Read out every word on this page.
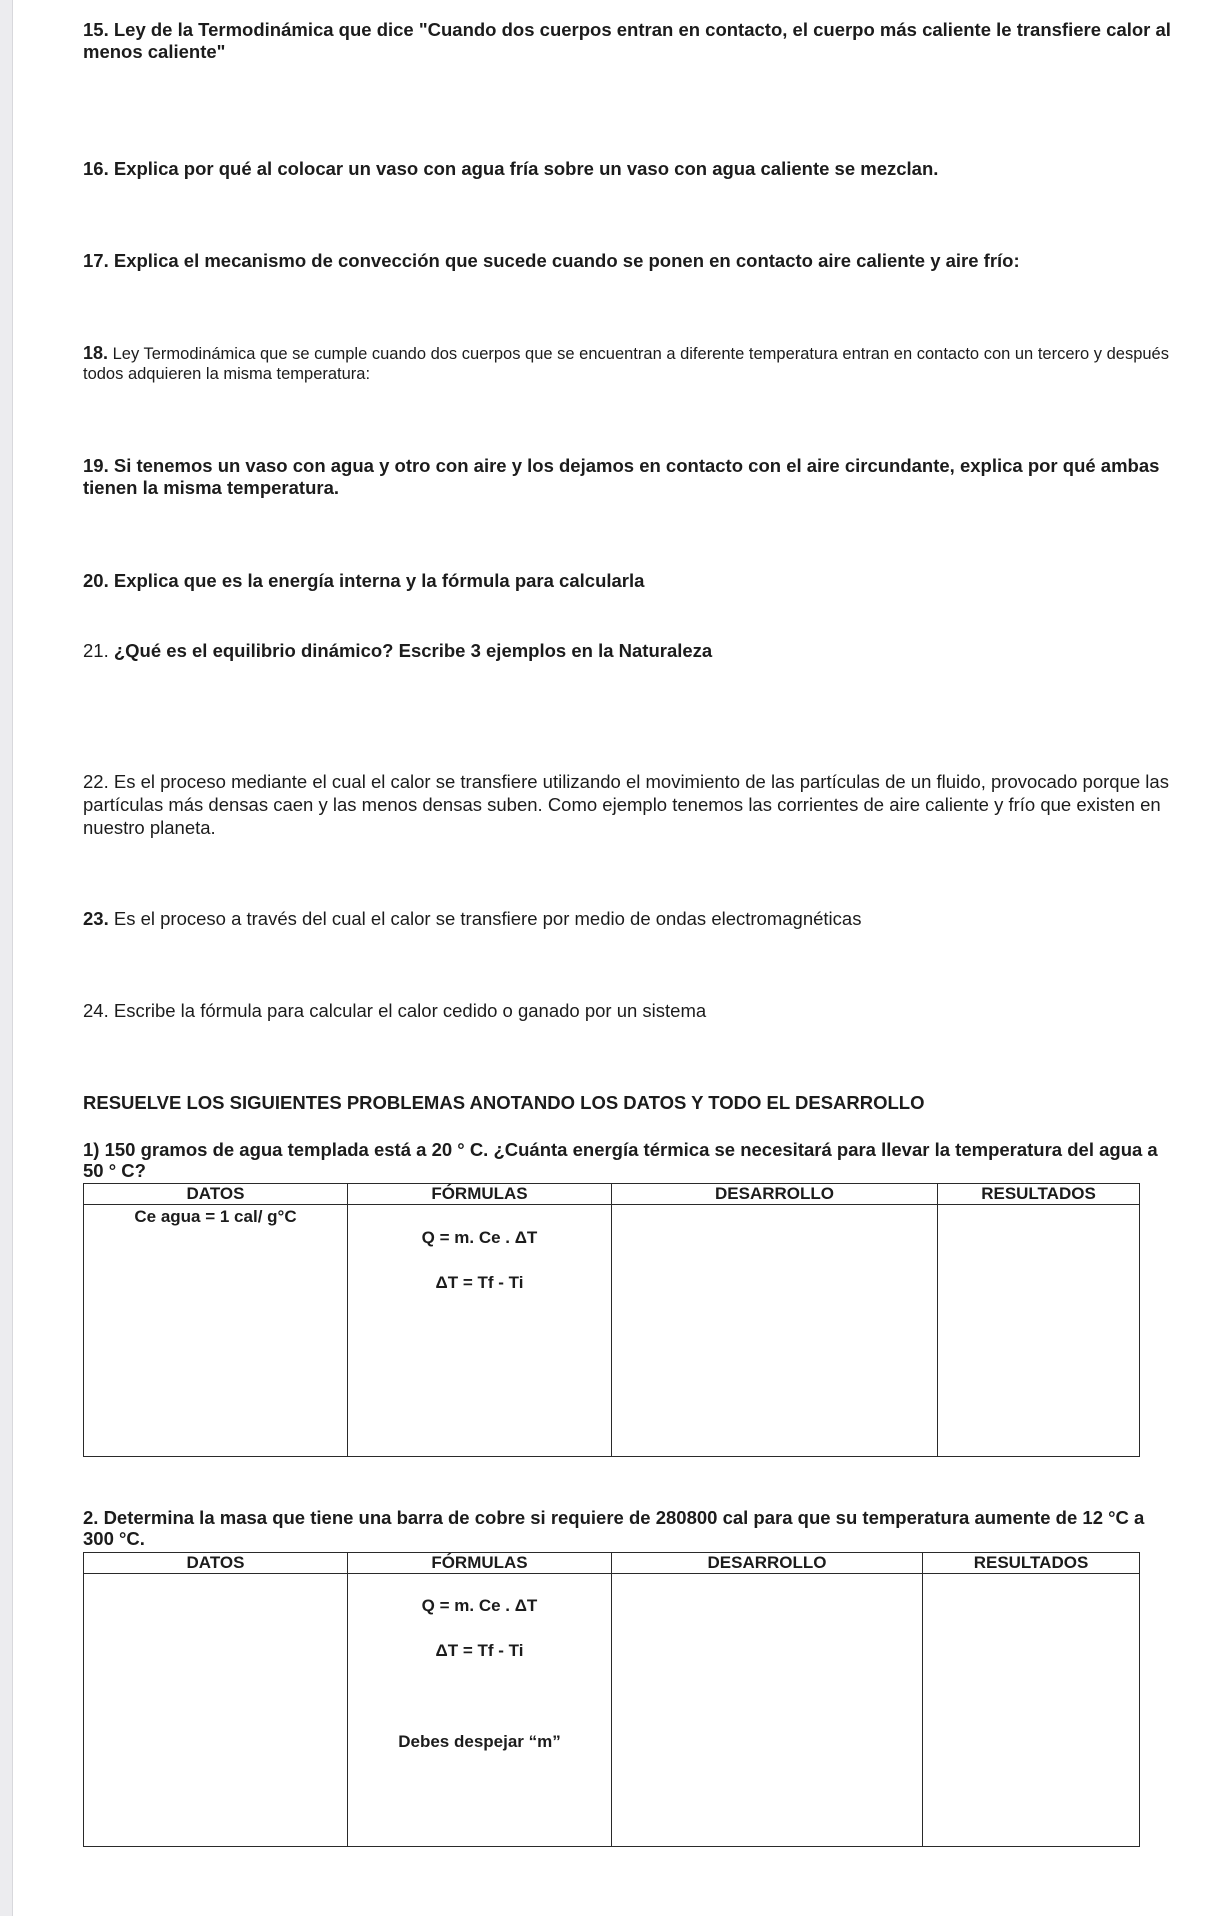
15. Ley de la Termodinámica que dice "Cuando dos cuerpos entran en contacto, el cuerpo más caliente le transfiere calor al menos caliente"

16. Explica por qué al colocar un vaso con agua fría sobre un vaso con agua caliente se mezclan.

17. Explica el mecanismo de convección que sucede cuando se ponen en contacto aire caliente y aire frío:

18. Ley Termodinámica que se cumple cuando dos cuerpos que se encuentran a diferente temperatura entran en contacto con un tercero y después todos adquieren la misma temperatura:

19. Si tenemos un vaso con agua y otro con aire y los dejamos en contacto con el aire circundante, explica por qué ambas tienen la misma temperatura.

20. Explica que es la energía interna y la fórmula para calcularla

21. ¿Qué es el equilibrio dinámico? Escribe 3 ejemplos en la Naturaleza

22. Es el proceso mediante el cual el calor se transfiere utilizando el movimiento de las partículas de un fluido, provocado porque las partículas más densas caen y las menos densas suben. Como ejemplo tenemos las corrientes de aire caliente y frío que existen en nuestro planeta.

23. Es el proceso a través del cual el calor se transfiere por medio de ondas electromagnéticas

24. Escribe la fórmula para calcular el calor cedido o ganado por un sistema

RESUELVE LOS SIGUIENTES PROBLEMAS ANOTANDO LOS DATOS Y TODO EL DESARROLLO

1) 150 gramos de agua templada está a 20 ° C. ¿Cuánta energía térmica se necesitará para llevar la temperatura del agua a 50 ° C?

DATOS	FÓRMULAS	DESARROLLO	RESULTADOS

Ce agua = 1 cal/ g°C	Q = m. Ce . ΔT
ΔT = Tf - Ti		

2. Determina la masa que tiene una barra de cobre si requiere de 280800 cal para que su temperatura aumente de 12 °C a 300 °C.

DATOS	FÓRMULAS	DESARROLLO	RESULTADOS

	Q = m. Ce . ΔT
ΔT = Tf - Ti
Debes despejar “m”		
